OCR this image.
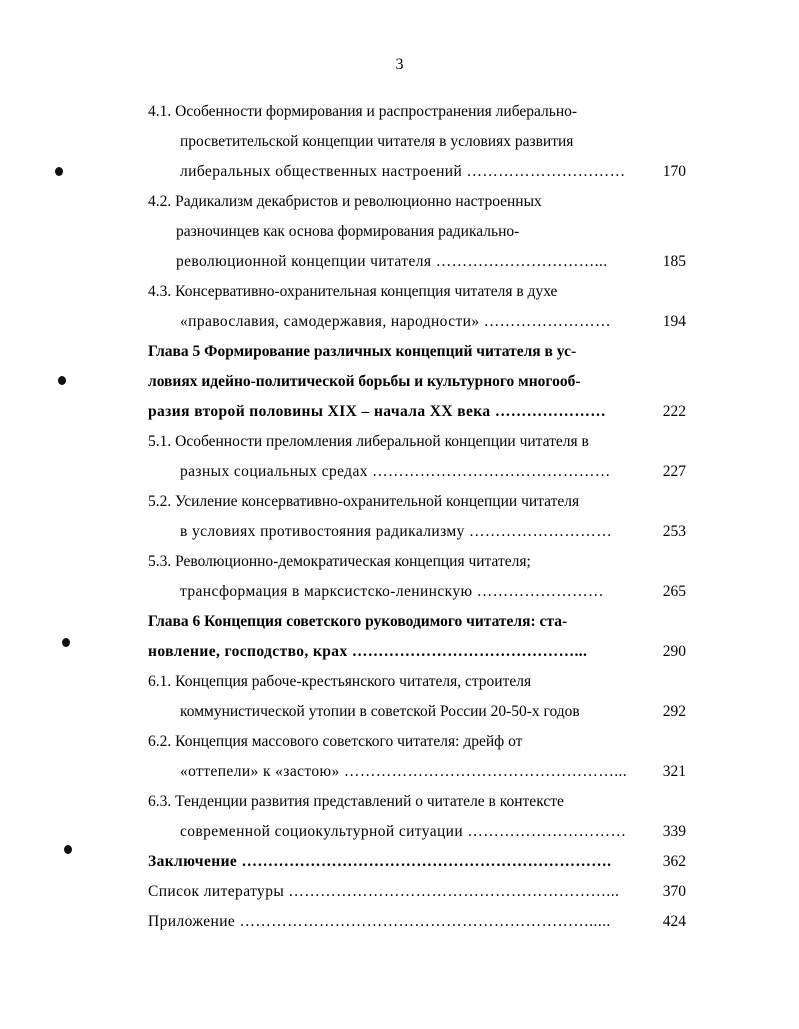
3
4.1. Особенности формирования и распространения либерально-
просветительской концепции читателя в условиях развития
либеральных общественных настроений …………………………	170
4.2. Радикализм декабристов и революционно настроенных
разночинцев как основа формирования радикально-
революционной концепции читателя …………………………...	185
4.3. Консервативно-охранительная концепция читателя в духе
«православия, самодержавия, народности» ……………………	194
Глава 5 Формирование различных концепций читателя в ус-
ловиях идейно-политической борьбы и культурного многооб-
разия второй половины XIX – начала XX века …………………	222
5.1. Особенности преломления либеральной концепции читателя в
разных социальных средах ………………………………………	227
5.2. Усиление консервативно-охранительной концепции читателя
в условиях противостояния радикализму ………………………	253
5.3. Революционно-демократическая концепция читателя;
трансформация в марксистско-ленинскую ……………………	265
Глава 6 Концепция советского руководимого читателя: ста-
новление, господство, крах ……………………………………...	290
6.1. Концепция рабоче-крестьянского читателя, строителя
коммунистической утопии в советской России 20-50-х годов	292
6.2. Концепция массового советского читателя: дрейф от
«оттепели» к «застою» ……………………………………………...	321
6.3. Тенденции развития представлений о читателе в контексте
современной социокультурной ситуации …………………………	339
Заключение …………………………………………………………….	362
Список литературы ……………………………………………………...	370
Приложение ………………………………………………………….....	424
